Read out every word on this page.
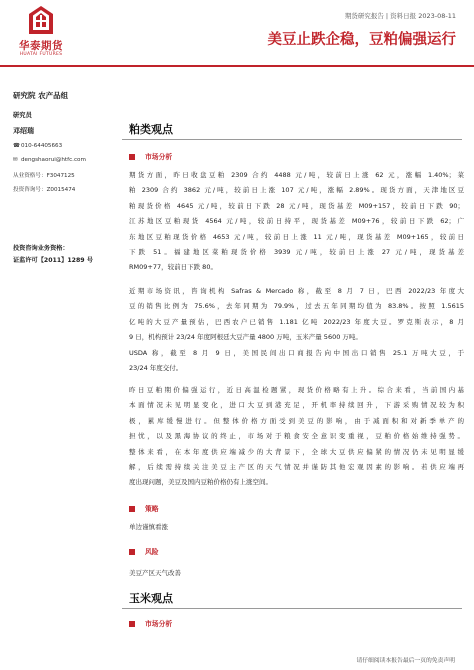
华泰期货
HUATAI FUTURES
期货研究报告 | 资料日报 2023-08-11
美豆止跌企稳，豆粕偏强运行
研究院 农产品组
研究员
邓绍瑞
☎010-64405663
✉ dengshaorui@htfc.com
从业资格号：F3047125
投资咨询号：Z0015474
投资咨询业务资格：
证监许可【2011】1289 号
粕类观点
市场分析
期货方面，昨日收盘豆粕 2309 合约 4488 元/吨，较前日上涨 62 元，涨幅 1.40%；菜
粕 2309 合约 3862 元/吨，较前日上涨 107 元/吨，涨幅 2.89%。现货方面，天津地区豆
粕现货价格 4645 元/吨，较前日下跌 28 元/吨，现货基差 M09+157，较前日下跌 90；
江苏地区豆粕现货 4564 元/吨，较前日持平，现货基差 M09+76，较前日下跌 62；广
东地区豆粕现货价格 4653 元/吨，较前日上涨 11 元/吨，现货基差 M09+165，较前日
下跌 51。福建地区菜粕现货价格 3939 元/吨，较前日上涨 27 元/吨，现货基差
RM09+77，较前日下跌 80。
近期市场资讯，咨询机构 Safras & Mercado 称，截至 8 月 7 日，巴西 2022/23 年度大
豆的销售比例为 75.6%，去年同期为 79.9%，过去五年同期均值为 83.8%。按照 1.5615
亿吨的大豆产量预估，巴西农户已销售 1.181 亿吨 2022/23 年度大豆。罗克斯表示，8 月
9 日，机构预计 23/24 年度阿根廷大豆产量 4800 万吨，玉米产量 5600 万吨。
USDA 称，截至 8 月 9 日，美国民间出口商报告向中国出口销售 25.1 万吨大豆，于
23/24 年度交付。
昨日豆粕期价偏强运行，近日高温检题紧，现货价格略有上升。综合来看，当前国内基
本面情况未见明显变化，进口大豆到港充足，开机率持续回升，下游采购情况较为积
极，累库缓慢进行。但整体价格方面受到美豆的影响，由于减面积和对新季单产的
担忧，以及黑海协议的终止，市场对于粮食安全意识变重视，豆粕价格始维持强势。
整体来看，在本年度供应端减少的大背景下，全球大豆供应偏紧的情况仍未见明显缓
解，后续需持续关注美豆主产区的天气情况并谨防其他宏观因素的影响。若供应端再
度出现问题，美豆及国内豆粕价格仍有上涨空间。
策略
单边谨慎看涨
风险
美豆产区天气改善
玉米观点
市场分析
请仔细阅读本报告最后一页的免责声明
